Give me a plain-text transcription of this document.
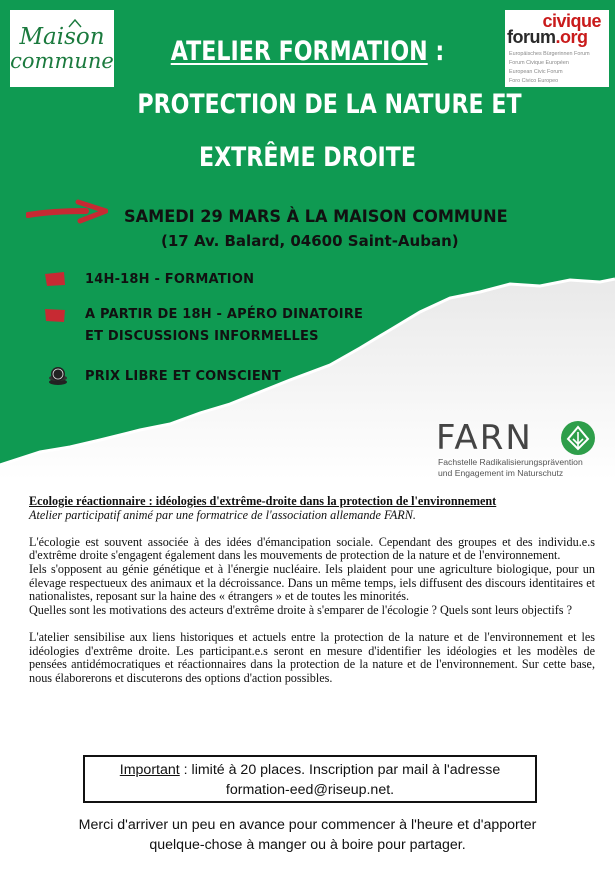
Maison
commune
civique
forum.org
Europäisches Bürgerinnen Forum
Forum Civique Européen
European Civic Forum
Foro Civico Europeo
ATELIER FORMATION :
PROTECTION DE LA NATURE ET
EXTRÊME DROITE
SAMEDI 29 MARS À LA MAISON COMMUNE
(17 Av. Balard, 04600 Saint-Auban)
14H-18H - FORMATION
A PARTIR DE 18H - APÉRO DINATOIRE
ET DISCUSSIONS INFORMELLES
PRIX LIBRE ET CONSCIENT
FARN
Fachstelle Radikalisierungsprävention
und Engagement im Naturschutz

Ecologie réactionnaire : idéologies d'extrême-droite dans la protection de l'environnement

Atelier participatif animé par une formatrice de l'association allemande FARN.

L'écologie est souvent associée à des idées d'émancipation sociale. Cependant des groupes et des individu.e.s d'extrême droite s'engagent également dans les mouvements de protection de la nature et de l'environnement.

Iels s'opposent au génie génétique et à l'énergie nucléaire. Iels plaident pour une agriculture biologique, pour un élevage respectueux des animaux et la décroissance. Dans un même temps, iels diffusent des discours identitaires et nationalistes, reposant sur la haine des « étrangers » et de toutes les minorités.

Quelles sont les motivations des acteurs d'extrême droite à s'emparer de l'écologie ? Quels sont leurs objectifs ?

L'atelier sensibilise aux liens historiques et actuels entre la protection de la nature et de l'environnement et les idéologies d'extrême droite. Les participant.e.s seront en mesure d'identifier les idéologies et les modèles de pensées antidémocratiques et réactionnaires dans la protection de la nature et de l'environnement. Sur cette base, nous élaborerons et discuterons des options d'action possibles.

Important : limité à 20 places. Inscription par mail à l'adresse
formation-eed@riseup.net.
Merci d'arriver un peu en avance pour commencer à l'heure et d'apporter
quelque-chose à manger ou à boire pour partager.
